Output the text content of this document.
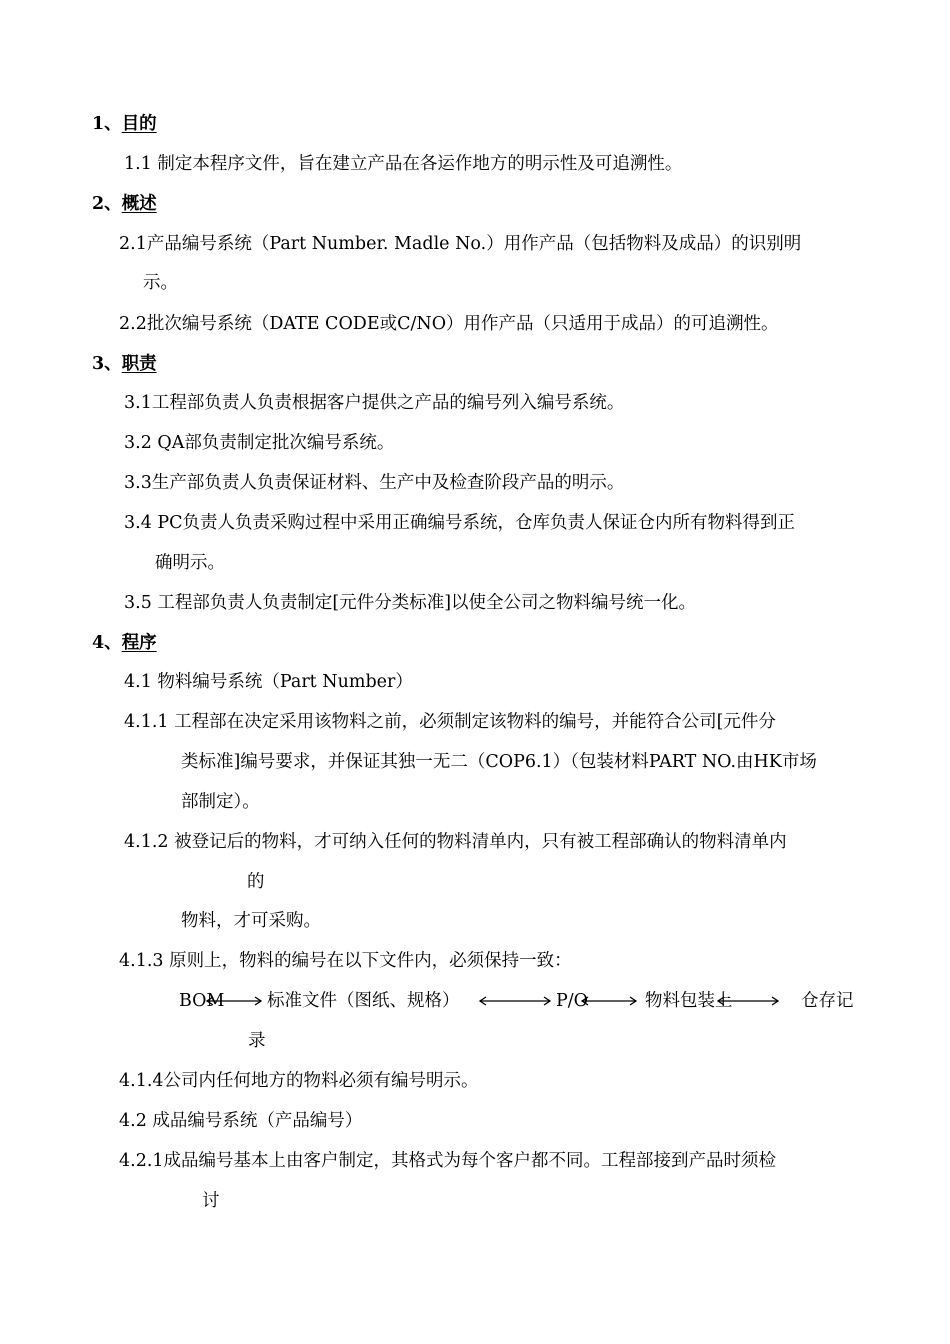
1、目的
1.1 制定本程序文件，旨在建立产品在各运作地方的明示性及可追溯性。
2、概述
2.1产品编号系统（Part Number. Madle No.）用作产品（包括物料及成品）的识别明
示。
2.2批次编号系统（DATE CODE或C/NO）用作产品（只适用于成品）的可追溯性。
3、职责
3.1工程部负责人负责根据客户提供之产品的编号列入编号系统。
3.2 QA部负责制定批次编号系统。
3.3生产部负责人负责保证材料、生产中及检查阶段产品的明示。
3.4 PC负责人负责采购过程中采用正确编号系统，仓库负责人保证仓内所有物料得到正
确明示。
3.5 工程部负责人负责制定[元件分类标准]以使全公司之物料编号统一化。
4、程序
4.1 物料编号系统（Part Number）
4.1.1 工程部在决定采用该物料之前，必须制定该物料的编号，并能符合公司[元件分
类标准]编号要求，并保证其独一无二（COP6.1）（包装材料PART NO.由HK市场
部制定）。
4.1.2 被登记后的物料，才可纳入任何的物料清单内，只有被工程部确认的物料清单内
的
物料，才可采购。
4.1.3 原则上，物料的编号在以下文件内，必须保持一致：
BOM 标准文件（图纸、规格）	P/O	物料包装上	仓存记
录
4.1.4公司内任何地方的物料必须有编号明示。
4.2 成品编号系统（产品编号）
4.2.1成品编号基本上由客户制定，其格式为每个客户都不同。工程部接到产品时须检
讨
